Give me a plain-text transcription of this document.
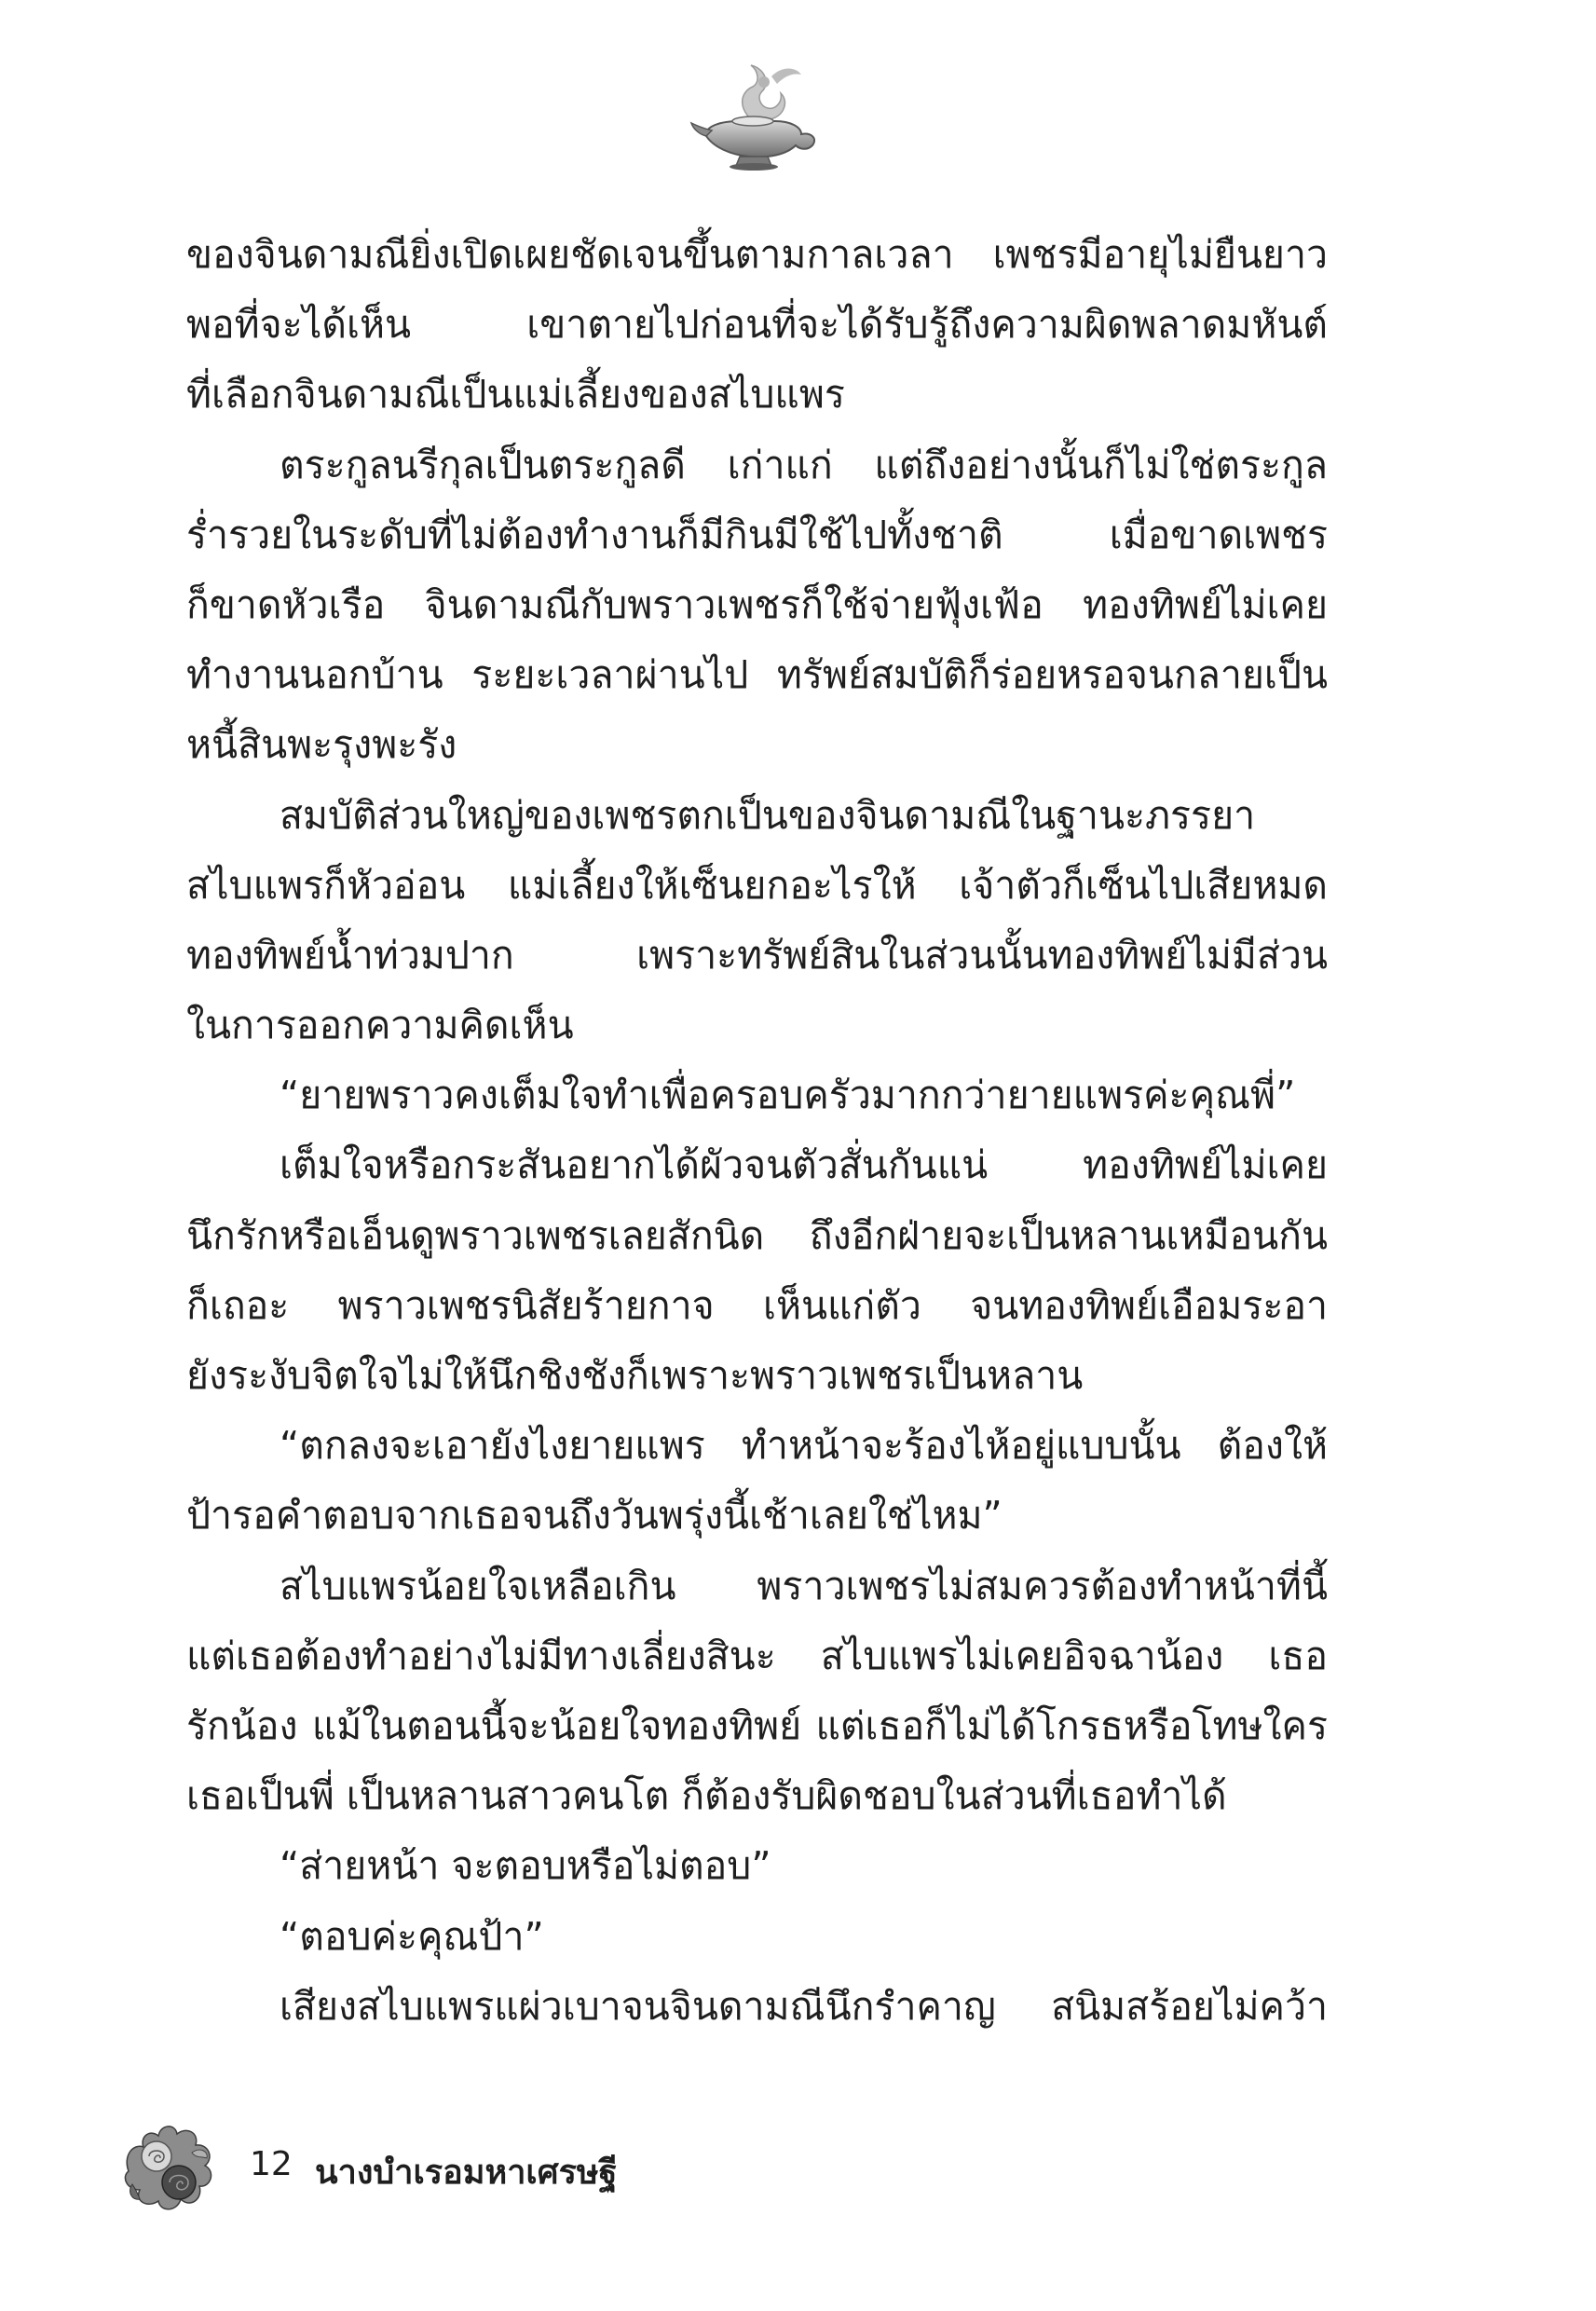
ของจินดามณียิ่งเปิดเผยชัดเจนขึ้นตามกาลเวลา เพชรมีอายุไม่ยืนยาว
พอที่จะได้เห็น เขาตายไปก่อนที่จะได้รับรู้ถึงความผิดพลาดมหันต์
ที่เลือกจินดามณีเป็นแม่เลี้ยงของสไบแพร
ตระกูลนรีกุลเป็นตระกูลดี เก่าแก่ แต่ถึงอย่างนั้นก็ไม่ใช่ตระกูล
ร่ำรวยในระดับที่ไม่ต้องทำงานก็มีกินมีใช้ไปทั้งชาติ เมื่อขาดเพชร
ก็ขาดหัวเรือ จินดามณีกับพราวเพชรก็ใช้จ่ายฟุ้งเฟ้อ ทองทิพย์ไม่เคย
ทำงานนอกบ้าน ระยะเวลาผ่านไป ทรัพย์สมบัติก็ร่อยหรอจนกลายเป็น
หนี้สินพะรุงพะรัง
สมบัติส่วนใหญ่ของเพชรตกเป็นของจินดามณีในฐานะภรรยา
สไบแพรก็หัวอ่อน แม่เลี้ยงให้เซ็นยกอะไรให้ เจ้าตัวก็เซ็นไปเสียหมด
ทองทิพย์น้ำท่วมปาก เพราะทรัพย์สินในส่วนนั้นทองทิพย์ไม่มีส่วน
ในการออกความคิดเห็น
“ยายพราวคงเต็มใจทำเพื่อครอบครัวมากกว่ายายแพรค่ะคุณพี่”
เต็มใจหรือกระสันอยากได้ผัวจนตัวสั่นกันแน่ ทองทิพย์ไม่เคย
นึกรักหรือเอ็นดูพราวเพชรเลยสักนิด ถึงอีกฝ่ายจะเป็นหลานเหมือนกัน
ก็เถอะ พราวเพชรนิสัยร้ายกาจ เห็นแก่ตัว จนทองทิพย์เอือมระอา
ยังระงับจิตใจไม่ให้นึกชิงชังก็เพราะพราวเพชรเป็นหลาน
“ตกลงจะเอายังไงยายแพร ทำหน้าจะร้องไห้อยู่แบบนั้น ต้องให้
ป้ารอคำตอบจากเธอจนถึงวันพรุ่งนี้เช้าเลยใช่ไหม”
สไบแพรน้อยใจเหลือเกิน พราวเพชรไม่สมควรต้องทำหน้าที่นี้
แต่เธอต้องทำอย่างไม่มีทางเลี่ยงสินะ สไบแพรไม่เคยอิจฉาน้อง เธอ
รักน้อง แม้ในตอนนี้จะน้อยใจทองทิพย์ แต่เธอก็ไม่ได้โกรธหรือโทษใคร
เธอเป็นพี่ เป็นหลานสาวคนโต ก็ต้องรับผิดชอบในส่วนที่เธอทำได้
“ส่ายหน้า จะตอบหรือไม่ตอบ”
“ตอบค่ะคุณป้า”
เสียงสไบแพรแผ่วเบาจนจินดามณีนึกรำคาญ สนิมสร้อยไม่คว้า
12 นางบำเรอมหาเศรษฐี
